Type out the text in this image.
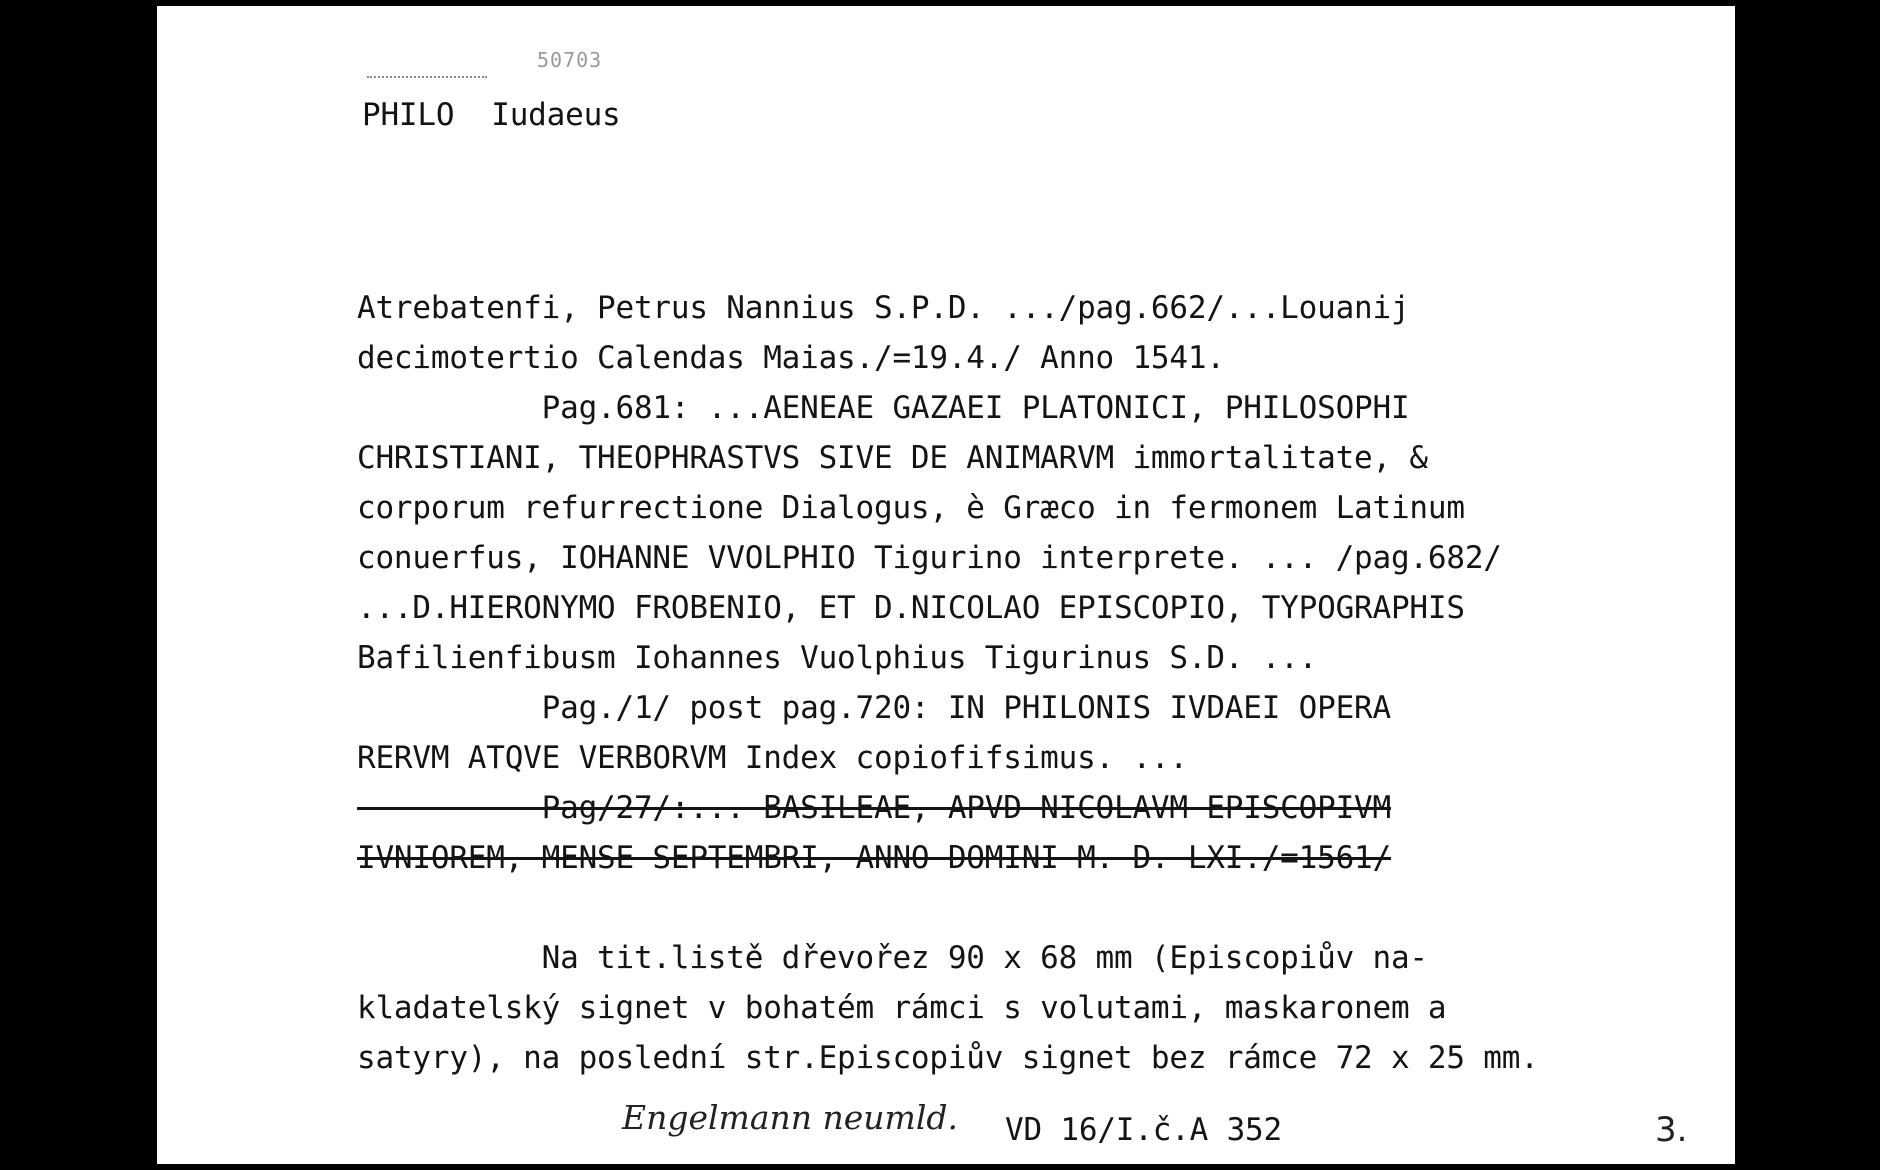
50703
PHILO  Iudaeus
Atrebatenfi, Petrus Nannius S.P.D. .../pag.662/...Louanij
decimotertio Calendas Maias./=19.4./ Anno 1541.
Pag.681: ...AENEAE GAZAEI PLATONICI, PHILOSOPHI
CHRISTIANI, THEOPHRASTVS SIVE DE ANIMARVM immortalitate, &
corporum refurrectione Dialogus, è Græco in fermonem Latinum
conuerfus, IOHANNE VVOLPHIO Tigurino interprete. ... /pag.682/
...D.HIERONYMO FROBENIO, ET D.NICOLAO EPISCOPIO, TYPOGRAPHIS
Bafilienfibusm Iohannes Vuolphius Tigurinus S.D. ...
Pag./1/ post pag.720: IN PHILONIS IVDAEI OPERA
RERVM ATQVE VERBORVM Index copiofifsimus. ...
Pag/27/:... BASILEAE, APVD NICOLAVM EPISCOPIVM
IVNIOREM, MENSE SEPTEMBRI, ANNO DOMINI M. D. LXI./=1561/
Na tit.listě dřevořez 90 x 68 mm (Episcopiův na-
kladatelský signet v bohatém rámci s volutami, maskaronem a
satyry), na poslední str.Episcopiův signet bez rámce 72 x 25 mm.
Engelmann neumld. VD 16/I.č.A 352	3.
